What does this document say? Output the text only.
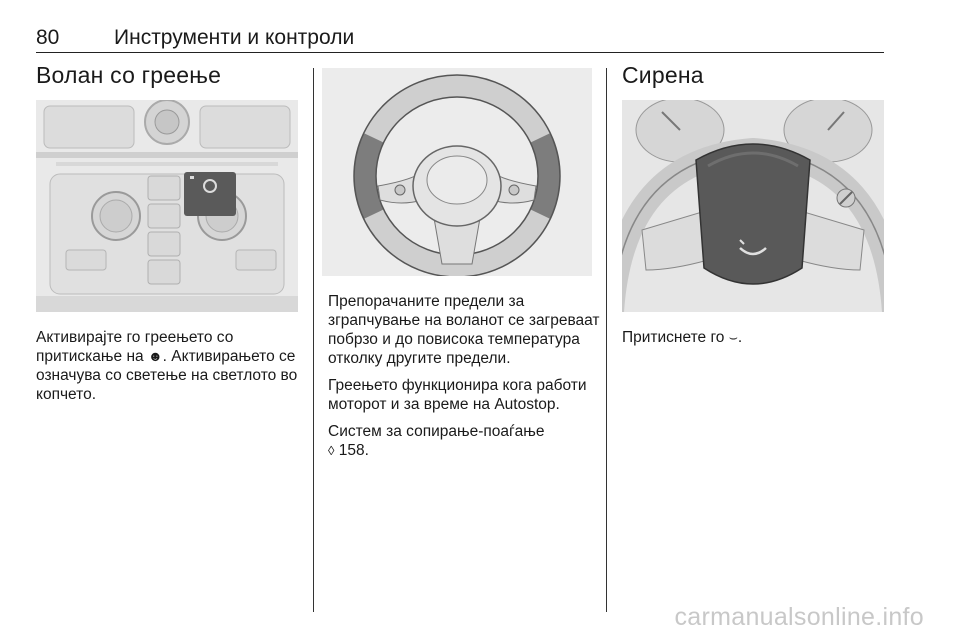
80	Инструменти и контроли
Волан со греење

Активирајте го греењето со притискање на ☻. Активирањето се означува со светење на светлото во копчето.

Препорачаните предели за зграпчување на воланот се загреваат побрзо и до повисока температура отколку другите предели.

Греењето функционира кога работи моторот и за време на Autostop.

Систем за сопирање-поаѓање
◊ 158.

Сирена

Притиснете го ⌣.

carmanualsonline.info
